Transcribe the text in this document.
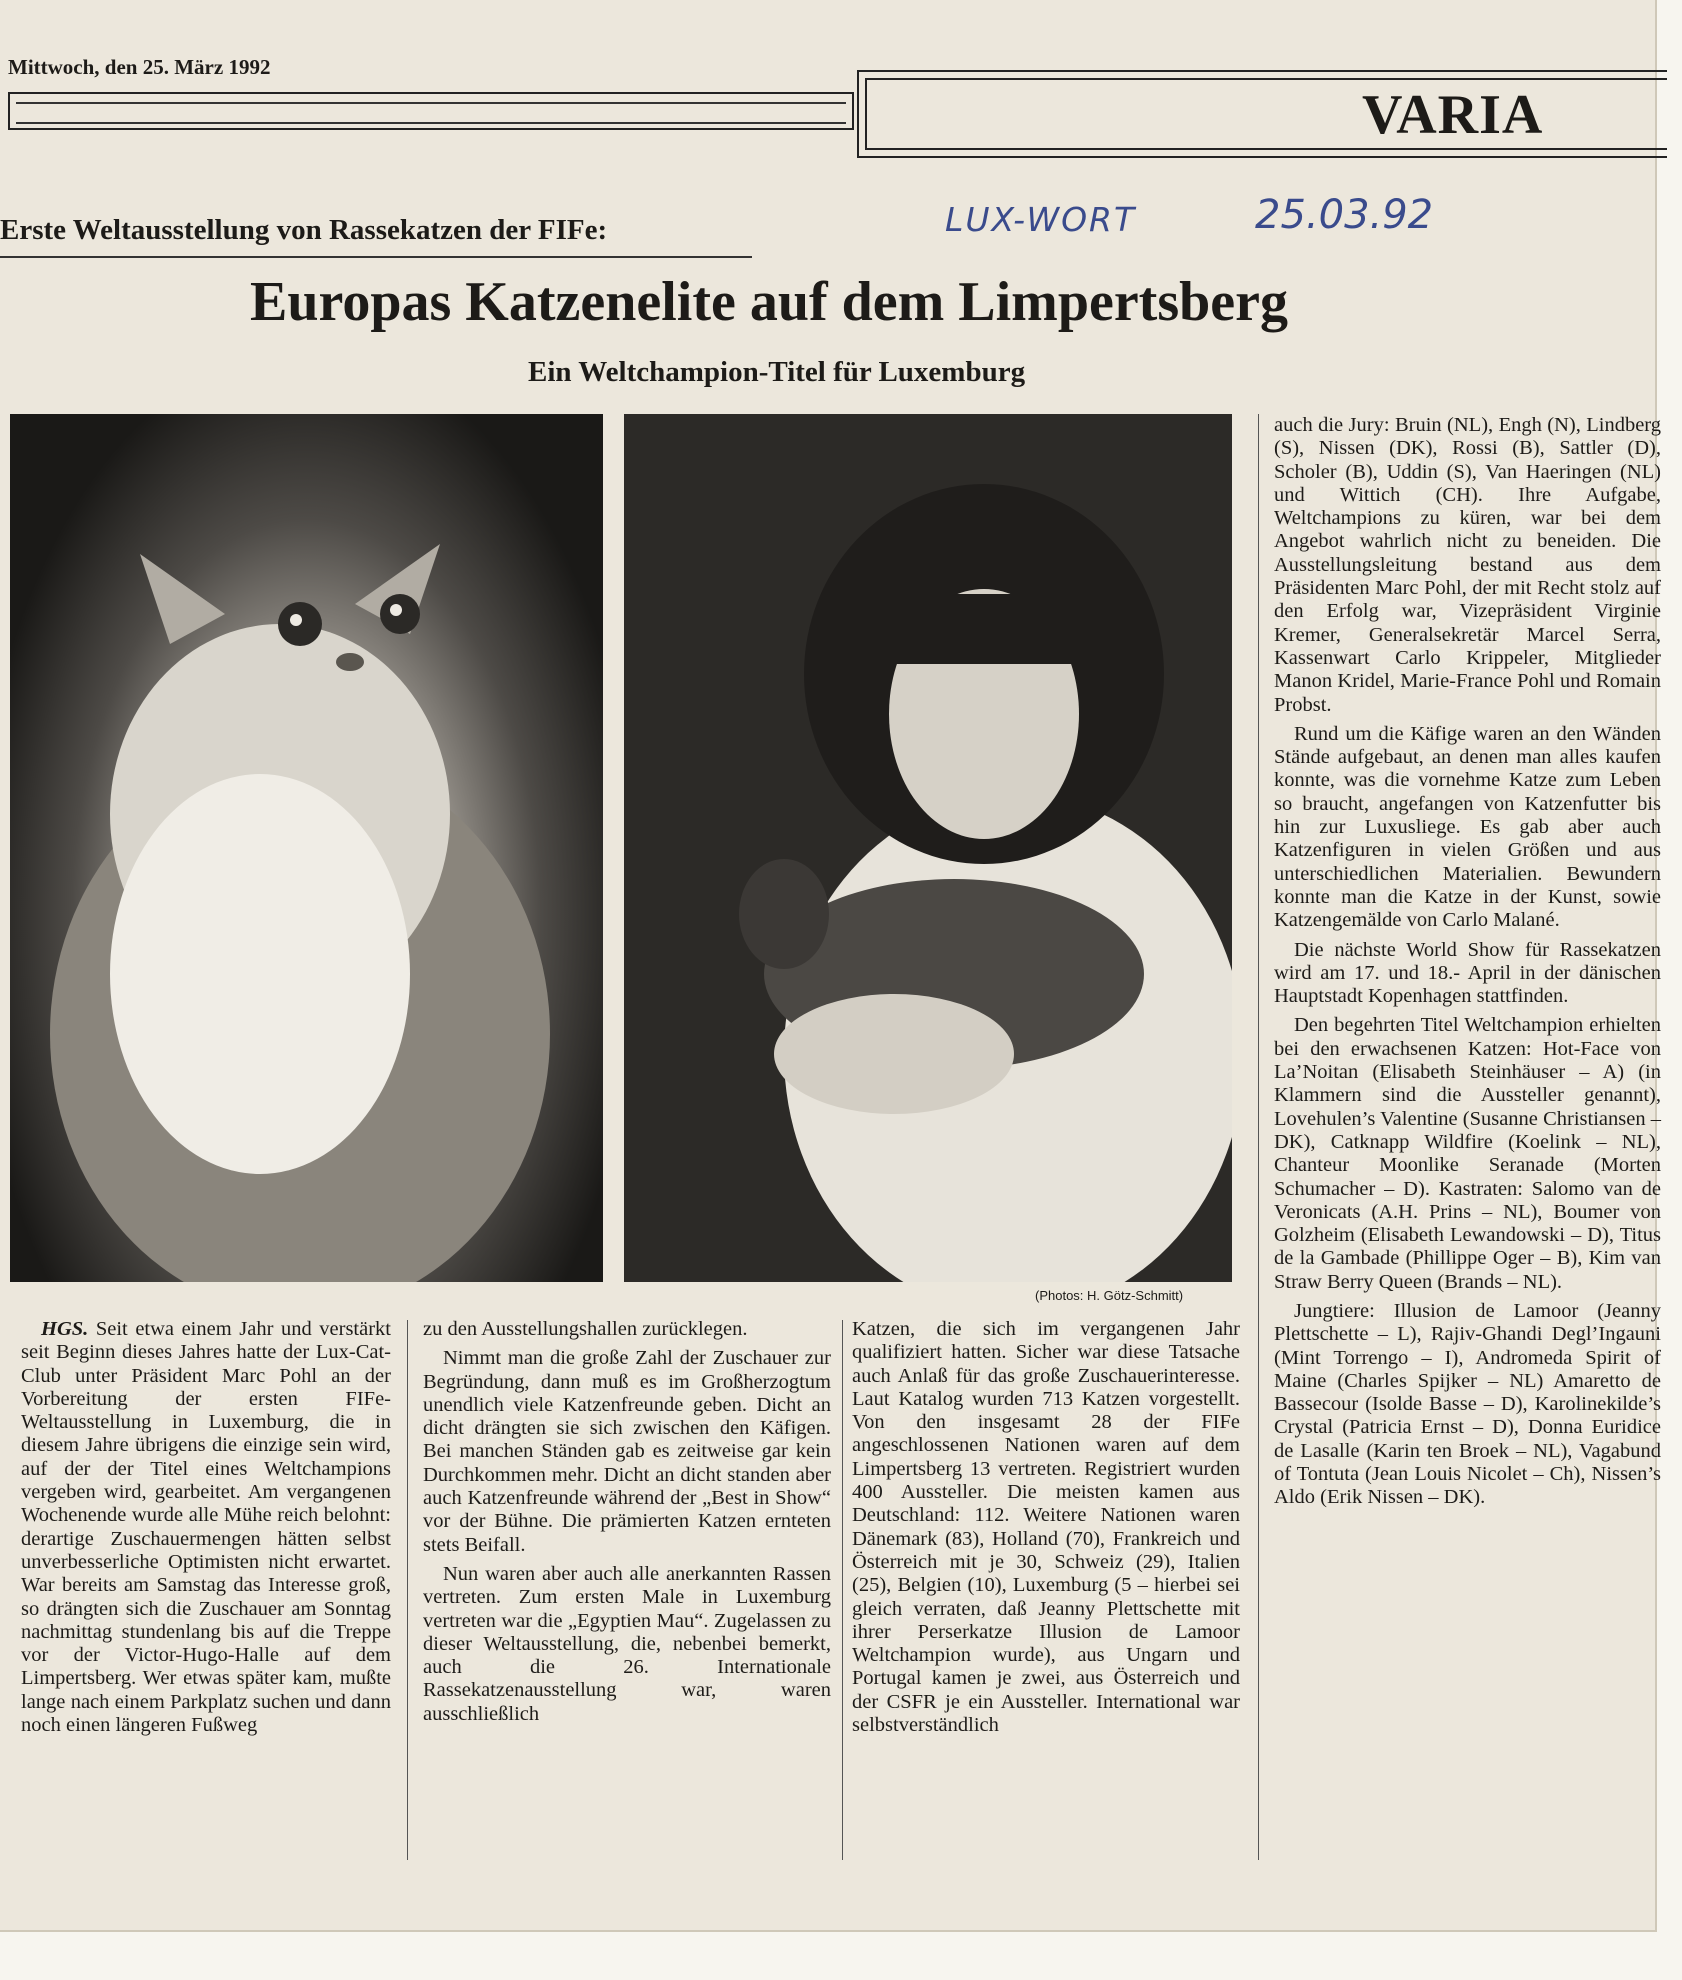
Mittwoch, den 25. März 1992
VARIA
LUX-WORT	25.03.92
Erste Weltausstellung von Rassekatzen der FIFe:
Europas Katzenelite auf dem Limpertsberg
Ein Weltchampion-Titel für Luxemburg

(Photos: H. Götz-Schmitt)

HGS. Seit etwa einem Jahr und verstärkt seit Beginn dieses Jahres hatte der Lux-Cat-Club unter Präsident Marc Pohl an der Vorbereitung der ersten FIFe-Weltausstellung in Luxemburg, die in diesem Jahre übrigens die einzige sein wird, auf der der Titel eines Weltchampions vergeben wird, gearbeitet. Am vergangenen Wochenende wurde alle Mühe reich belohnt: derartige Zuschauermengen hätten selbst unverbesserliche Optimisten nicht erwartet. War bereits am Samstag das Interesse groß, so drängten sich die Zuschauer am Sonntag nachmittag stundenlang bis auf die Treppe vor der Victor-Hugo-Halle auf dem Limpertsberg. Wer etwas später kam, mußte lange nach einem Parkplatz suchen und dann noch einen längeren Fußweg

zu den Ausstellungshallen zurücklegen.

Nimmt man die große Zahl der Zuschauer zur Begründung, dann muß es im Großherzogtum unendlich viele Katzenfreunde geben. Dicht an dicht drängten sie sich zwischen den Käfigen. Bei manchen Ständen gab es zeitweise gar kein Durchkommen mehr. Dicht an dicht standen aber auch Katzenfreunde während der „Best in Show“ vor der Bühne. Die prämierten Katzen ernteten stets Beifall.

Nun waren aber auch alle anerkannten Rassen vertreten. Zum ersten Male in Luxemburg vertreten war die „Egyptien Mau“. Zugelassen zu dieser Weltausstellung, die, nebenbei bemerkt, auch die 26. Internationale Rassekatzenausstellung war, waren ausschließlich

Katzen, die sich im vergangenen Jahr qualifiziert hatten. Sicher war diese Tatsache auch Anlaß für das große Zuschauerinteresse. Laut Katalog wurden 713 Katzen vorgestellt. Von den insgesamt 28 der FIFe angeschlossenen Nationen waren auf dem Limpertsberg 13 vertreten. Registriert wurden 400 Aussteller. Die meisten kamen aus Deutschland: 112. Weitere Nationen waren Dänemark (83), Holland (70), Frankreich und Österreich mit je 30, Schweiz (29), Italien (25), Belgien (10), Luxemburg (5 – hierbei sei gleich verraten, daß Jeanny Plettschette mit ihrer Perserkatze Illusion de Lamoor Weltchampion wurde), aus Ungarn und Portugal kamen je zwei, aus Österreich und der CSFR je ein Aussteller. International war selbstverständlich

auch die Jury: Bruin (NL), Engh (N), Lindberg (S), Nissen (DK), Rossi (B), Sattler (D), Scholer (B), Uddin (S), Van Haeringen (NL) und Wittich (CH). Ihre Aufgabe, Weltchampions zu küren, war bei dem Angebot wahrlich nicht zu beneiden. Die Ausstellungsleitung bestand aus dem Präsidenten Marc Pohl, der mit Recht stolz auf den Erfolg war, Vizepräsident Virginie Kremer, Generalsekretär Marcel Serra, Kassenwart Carlo Krippeler, Mitglieder Manon Kridel, Marie-France Pohl und Romain Probst.

Rund um die Käfige waren an den Wänden Stände aufgebaut, an denen man alles kaufen konnte, was die vornehme Katze zum Leben so braucht, angefangen von Katzenfutter bis hin zur Luxusliege. Es gab aber auch Katzenfiguren in vielen Größen und aus unterschiedlichen Materialien. Bewundern konnte man die Katze in der Kunst, sowie Katzengemälde von Carlo Malané.

Die nächste World Show für Rassekatzen wird am 17. und 18.- April in der dänischen Hauptstadt Kopenhagen stattfinden.

Den begehrten Titel Weltchampion erhielten bei den erwachsenen Katzen: Hot-Face von La’Noitan (Elisabeth Steinhäuser – A) (in Klammern sind die Aussteller genannt), Lovehulen’s Valentine (Susanne Christiansen – DK), Catknapp Wildfire (Koelink – NL), Chanteur Moonlike Seranade (Morten Schumacher – D). Kastraten: Salomo van de Veronicats (A.H. Prins – NL), Boumer von Golzheim (Elisabeth Lewandowski – D), Titus de la Gambade (Phillippe Oger – B), Kim van Straw Berry Queen (Brands – NL).

Jungtiere: Illusion de Lamoor (Jeanny Plettschette – L), Rajiv-Ghandi Degl’Ingauni (Mint Torrengo – I), Andromeda Spirit of Maine (Charles Spijker – NL) Amaretto de Bassecour (Isolde Basse – D), Karolinekilde’s Crystal (Patricia Ernst – D), Donna Euridice de Lasalle (Karin ten Broek – NL), Vagabund of Tontuta (Jean Louis Nicolet – Ch), Nissen’s Aldo (Erik Nissen – DK).
